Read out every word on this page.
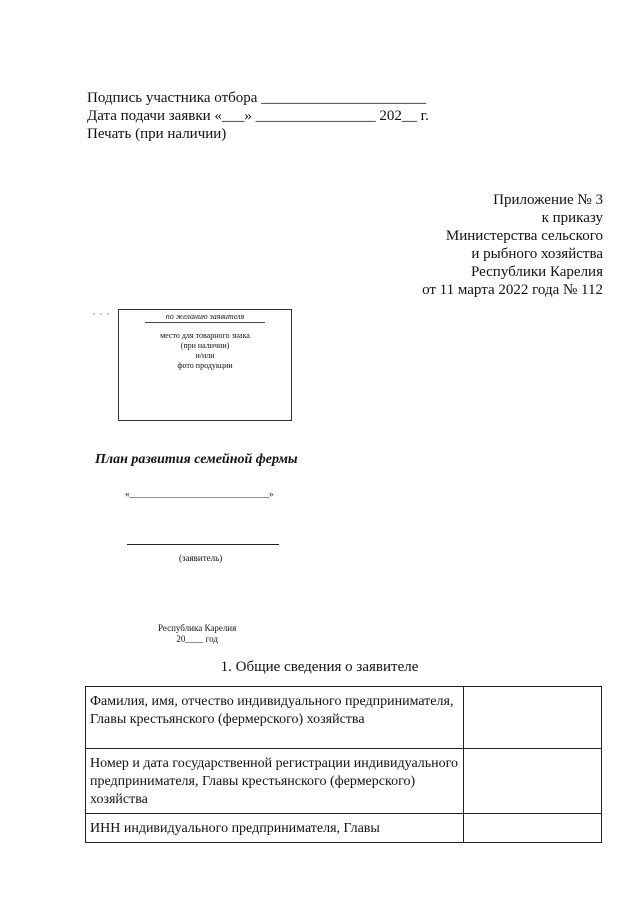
Подпись участника отбора ______________________
Дата подачи заявки «___» ________________ 202__ г.
Печать (при наличии)
Приложение № 3
к приказу
Министерства сельского
и рыбного хозяйства
Республики Карелия
от 11 марта 2022 года № 112
по желанию заявителя
место для товарного знака
(при наличии)
и/или
фото продукции
План развития семейной фермы
«_______________________________»
(заявитель)
Республика Карелия
20____ год
1. Общие сведения о заявителе
Фамилия, имя, отчество индивидуального предпринимателя, Главы крестьянского (фермерского) хозяйства	
Номер и дата государственной регистрации индивидуального предпринимателя, Главы крестьянского (фермерского) хозяйства	
ИНН индивидуального предпринимателя, Главы	
